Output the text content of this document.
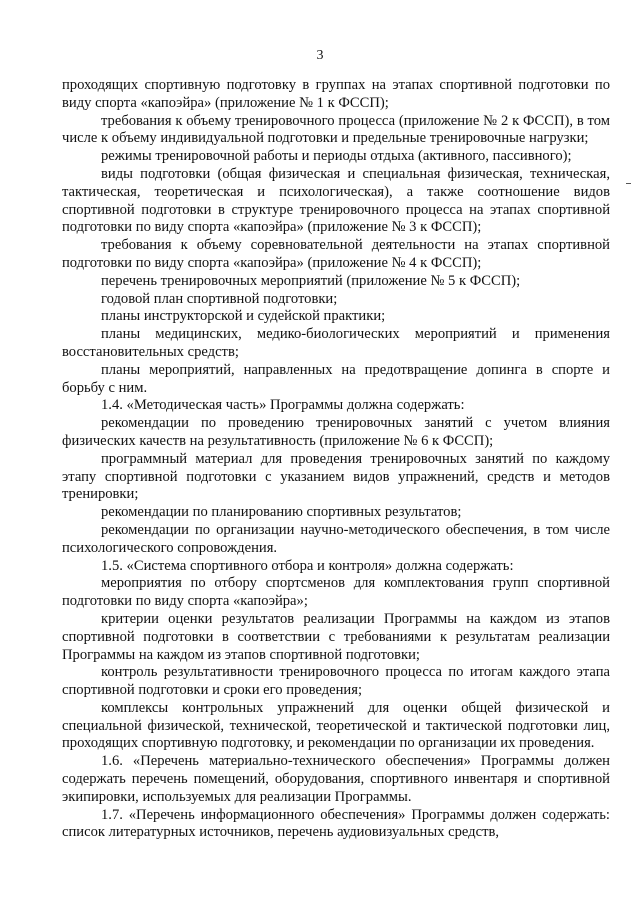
3

проходящих спортивную подготовку в группах на этапах спортивной подготовки по виду спорта «капоэйра» (приложение № 1 к ФССП);

требования к объему тренировочного процесса (приложение № 2 к ФССП), в том числе к объему индивидуальной подготовки и предельные тренировочные нагрузки;

режимы тренировочной работы и периоды отдыха (активного, пассивного);

виды подготовки (общая физическая и специальная физическая, техническая, тактическая, теоретическая и психологическая), а также соотношение видов спортивной подготовки в структуре тренировочного процесса на этапах спортивной подготовки по виду спорта «капоэйра» (приложение № 3 к ФССП);

требования к объему соревновательной деятельности на этапах спортивной подготовки по виду спорта «капоэйра» (приложение № 4 к ФССП);

перечень тренировочных мероприятий (приложение № 5 к ФССП);

годовой план спортивной подготовки;

планы инструкторской и судейской практики;

планы медицинских, медико-биологических мероприятий и применения восстановительных средств;

планы мероприятий, направленных на предотвращение допинга в спорте и борьбу с ним.

1.4. «Методическая часть» Программы должна содержать:

рекомендации по проведению тренировочных занятий с учетом влияния физических качеств на результативность (приложение № 6 к ФССП);

программный материал для проведения тренировочных занятий по каждому этапу спортивной подготовки с указанием видов упражнений, средств и методов тренировки;

рекомендации по планированию спортивных результатов;

рекомендации по организации научно-методического обеспечения, в том числе психологического сопровождения.

1.5. «Система спортивного отбора и контроля» должна содержать:

мероприятия по отбору спортсменов для комплектования групп спортивной подготовки по виду спорта «капоэйра»;

критерии оценки результатов реализации Программы на каждом из этапов спортивной подготовки в соответствии с требованиями к результатам реализации Программы на каждом из этапов спортивной подготовки;

контроль результативности тренировочного процесса по итогам каждого этапа спортивной подготовки и сроки его проведения;

комплексы контрольных упражнений для оценки общей физической и специальной физической, технической, теоретической и тактической подготовки лиц, проходящих спортивную подготовку, и рекомендации по организации их проведения.

1.6. «Перечень материально-технического обеспечения» Программы должен содержать перечень помещений, оборудования, спортивного инвентаря и спортивной экипировки, используемых для реализации Программы.

1.7. «Перечень информационного обеспечения» Программы должен содержать: список литературных источников, перечень аудиовизуальных средств,
